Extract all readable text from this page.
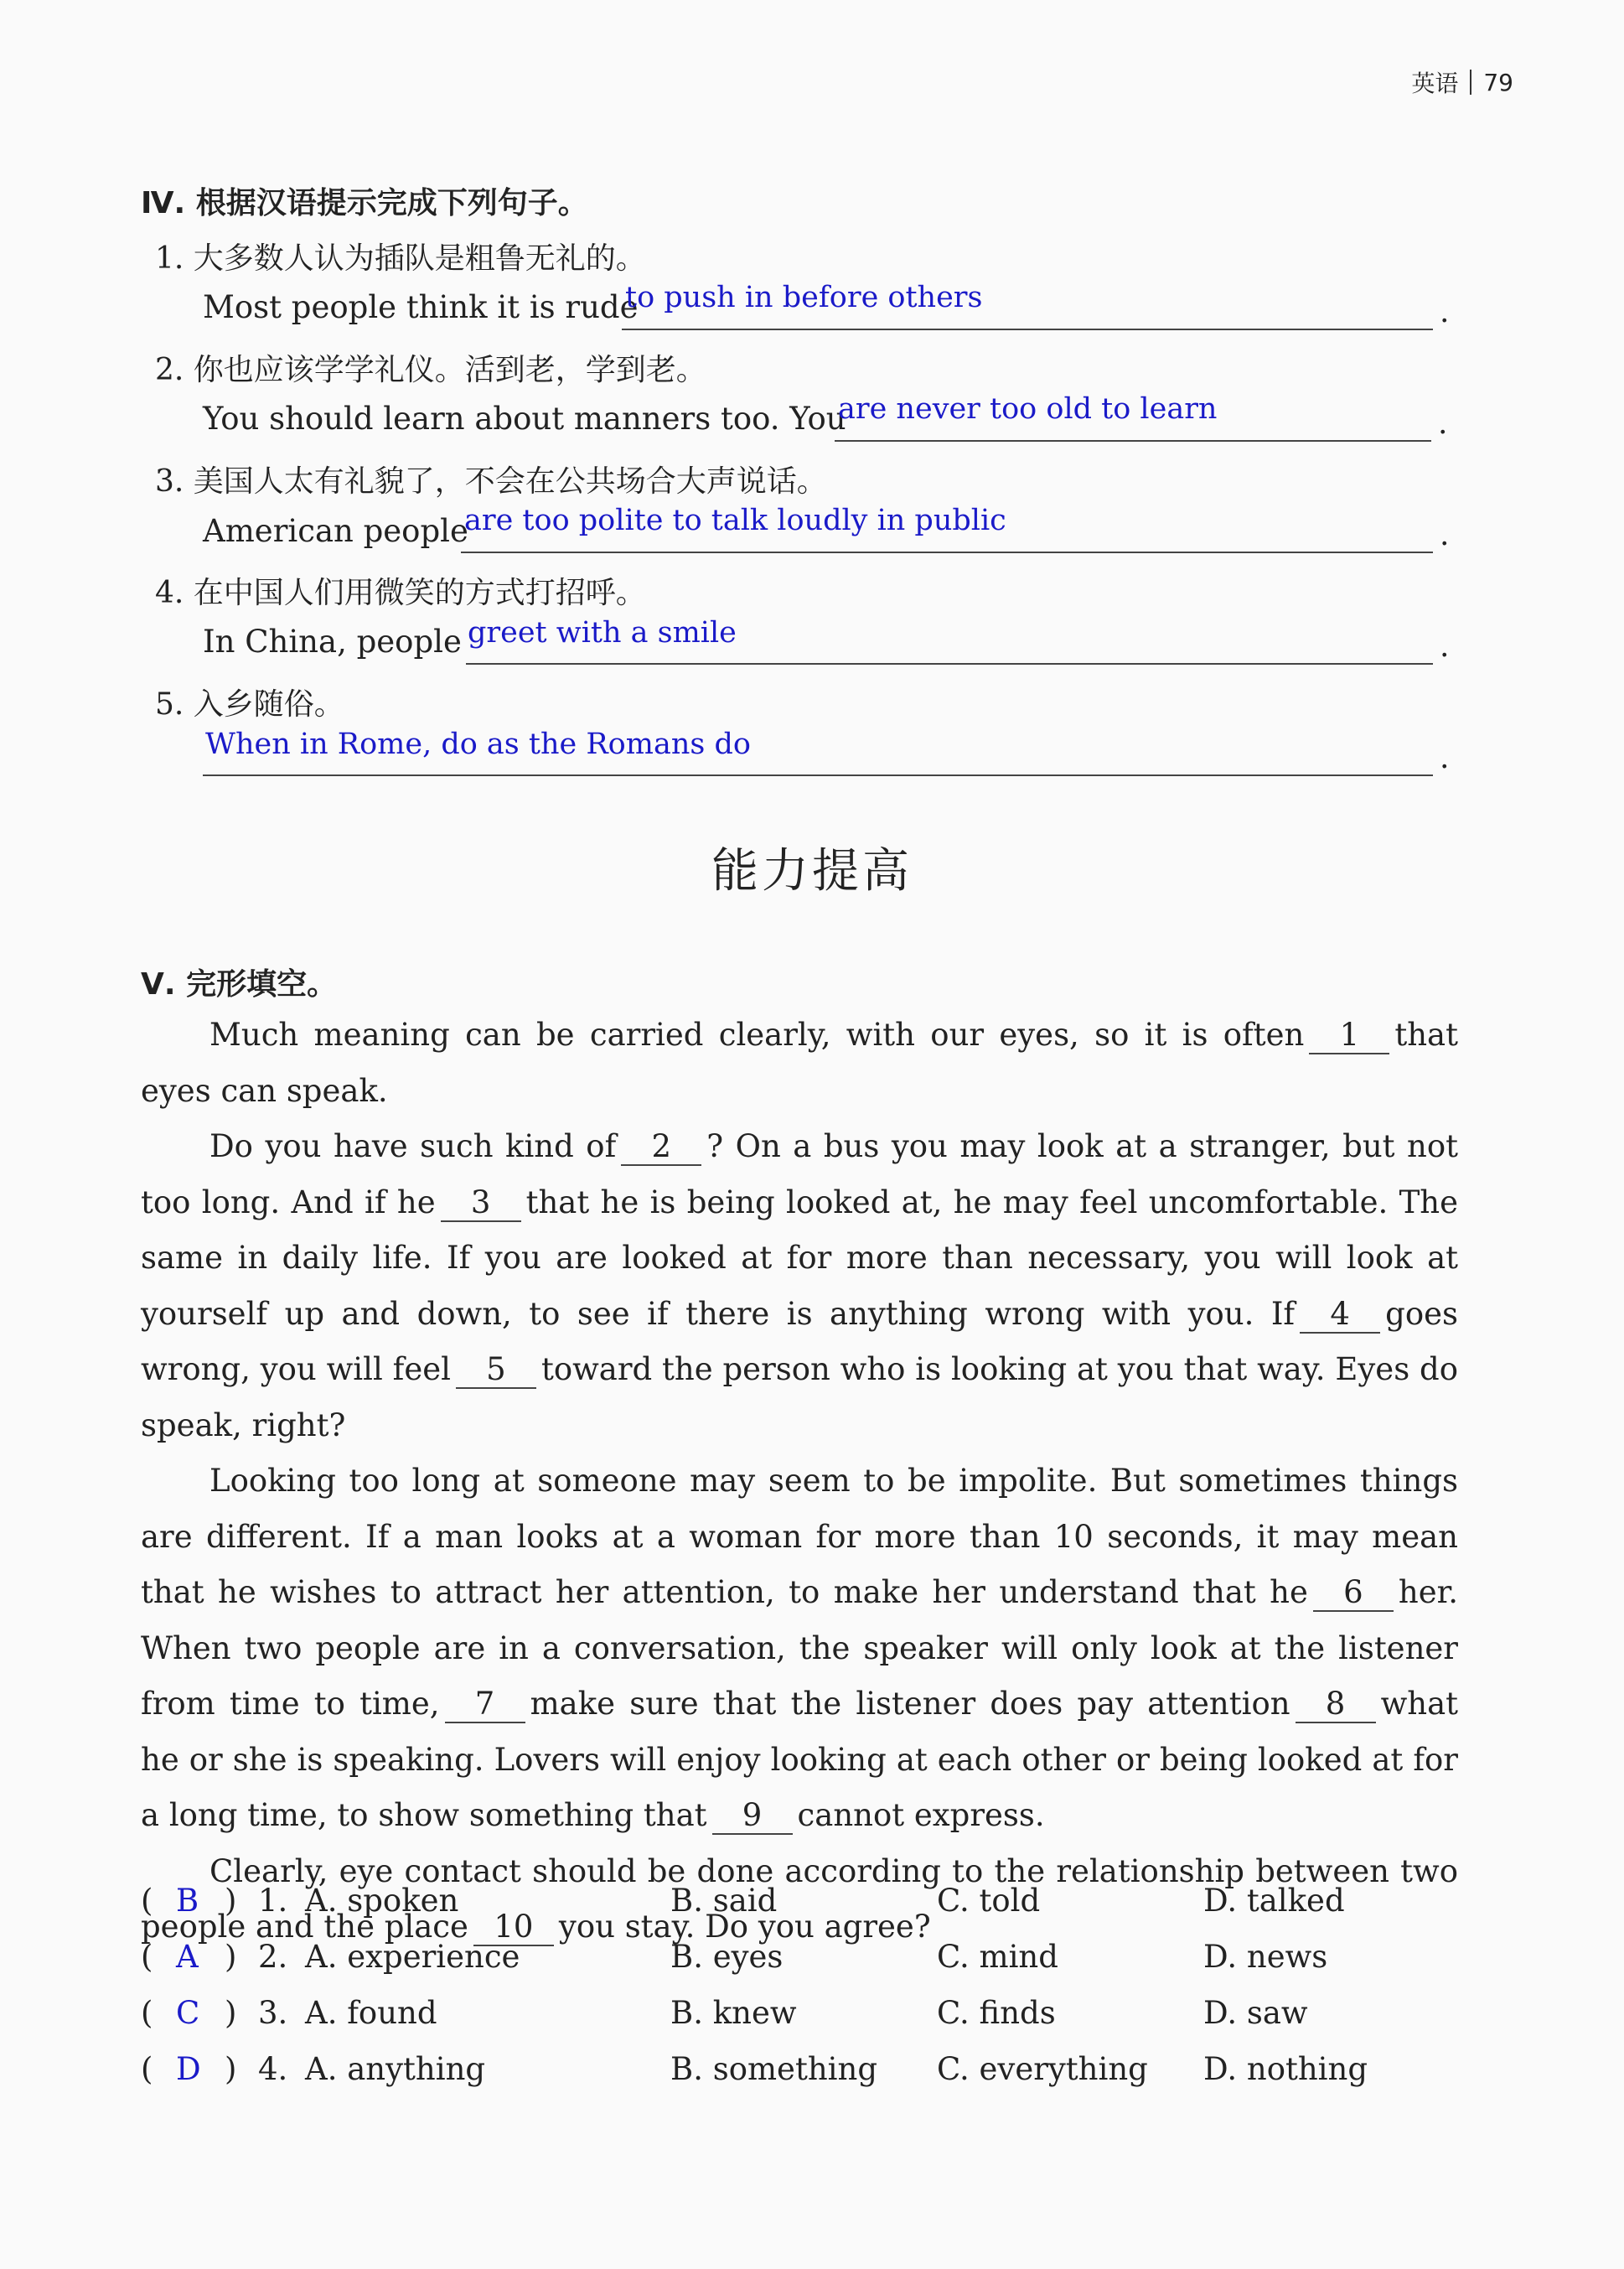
英语 79
Ⅳ. 根据汉语提示完成下列句子。
1. 大多数人认为插队是粗鲁无礼的。
Most people think it is rude
to push in before others	.
2. 你也应该学学礼仪。活到老，学到老。
You should learn about manners too. You
are never too old to learn	.
3. 美国人太有礼貌了，不会在公共场合大声说话。
American people
are too polite to talk loudly in public	.
4. 在中国人们用微笑的方式打招呼。
In China, people greet with a smile	.
5. 入乡随俗。
When in Rome, do as the Romans do	.
能力提高
Ⅴ. 完形填空。

Much meaning can be carried clearly, with our eyes, so it is often 1 that eyes can speak.

Do you have such kind of 2 ? On a bus you may look at a stranger, but not too long. And if he 3 that he is being looked at, he may feel uncomfortable. The same in daily life. If you are looked at for more than necessary, you will look at yourself up and down, to see if there is anything wrong with you. If 4 goes wrong, you will feel 5 toward the person who is looking at you that way. Eyes do speak, right?

Looking too long at someone may seem to be impolite. But sometimes things are different. If a man looks at a woman for more than 10 seconds, it may mean that he wishes to attract her attention, to make her understand that he 6 her. When two people are in a conversation, the speaker will only look at the listener from time to time, 7 make sure that the listener does pay attention 8 what he or she is speaking. Lovers will enjoy looking at each other or being looked at for a long time, to show something that 9 cannot express.

Clearly, eye contact should be done according to the relationship between two people and the place 10 you stay. Do you agree?

( B ) 1. A. spoken	B. said	C. told	D. talked
( A ) 2. A. experience	B. eyes	C. mind	D. news
( C ) 3. A. found	B. knew	C. finds	D. saw
( D ) 4. A. anything	B. something C. everything D. nothing
